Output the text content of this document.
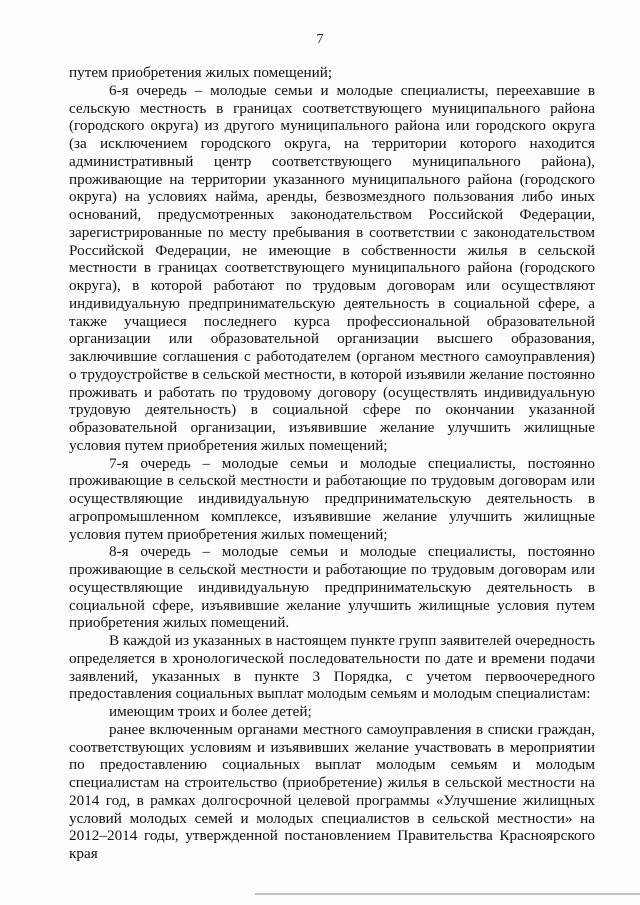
7

путем приобретения жилых помещений;

6-я очередь – молодые семьи и молодые специалисты, переехавшие в сельскую местность в границах соответствующего муниципального района (городского округа) из другого муниципального района или городского округа (за исключением городского округа, на территории которого находится административный центр соответствующего муниципального района), проживающие на территории указанного муниципального района (городского округа) на условиях найма, аренды, безвозмездного пользования либо иных оснований, предусмотренных законодательством Российской Федерации, зарегистрированные по месту пребывания в соответствии с законодательством Российской Федерации, не имеющие в собственности жилья в сельской местности в границах соответствующего муниципального района (городского округа), в которой работают по трудовым договорам или осуществляют индивидуальную предпринимательскую деятельность в социальной сфере, а также учащиеся последнего курса профессиональной образовательной организации или образовательной организации высшего образования, заключившие соглашения с работодателем (органом местного самоуправления) о трудоустройстве в сельской местности, в которой изъявили желание постоянно проживать и работать по трудовому договору (осуществлять индивидуальную трудовую деятельность) в социальной сфере по окончании указанной образовательной организации, изъявившие желание улучшить жилищные условия путем приобретения жилых помещений;

7-я очередь – молодые семьи и молодые специалисты, постоянно проживающие в сельской местности и работающие по трудовым договорам или осуществляющие индивидуальную предпринимательскую деятельность в агропромышленном комплексе, изъявившие желание улучшить жилищные условия путем приобретения жилых помещений;

8-я очередь – молодые семьи и молодые специалисты, постоянно проживающие в сельской местности и работающие по трудовым договорам или осуществляющие индивидуальную предпринимательскую деятельность в социальной сфере, изъявившие желание улучшить жилищные условия путем приобретения жилых помещений.

В каждой из указанных в настоящем пункте групп заявителей очередность определяется в хронологической последовательности по дате и времени подачи заявлений, указанных в пункте 3 Порядка, с учетом первоочередного предоставления социальных выплат молодым семьям и молодым специалистам:

имеющим троих и более детей;

ранее включенным органами местного самоуправления в списки граждан, соответствующих условиям и изъявивших желание участвовать в мероприятии по предоставлению социальных выплат молодым семьям и молодым специалистам на строительство (приобретение) жилья в сельской местности на 2014 год, в рамках долгосрочной целевой программы «Улучшение жилищных условий молодых семей и молодых специалистов в сельской местности» на 2012–2014 годы, утвержденной постановлением Правительства Красноярского края
